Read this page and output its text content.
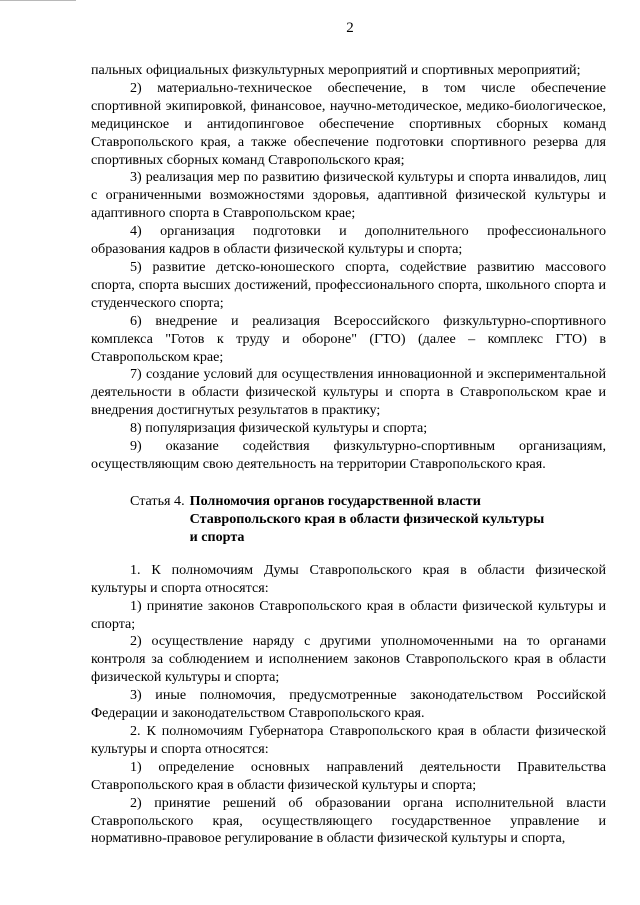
2

пальных официальных физкультурных мероприятий и спортивных мероприятий;

2) материально-техническое обеспечение, в том числе обеспечение спортивной экипировкой, финансовое, научно-методическое, медико-биологическое, медицинское и антидопинговое обеспечение спортивных сборных команд Ставропольского края, а также обеспечение подготовки спортивного резерва для спортивных сборных команд Ставропольского края;

3) реализация мер по развитию физической культуры и спорта инвалидов, лиц с ограниченными возможностями здоровья, адаптивной физической культуры и адаптивного спорта в Ставропольском крае;

4) организация подготовки и дополнительного профессионального образования кадров в области физической культуры и спорта;

5) развитие детско-юношеского спорта, содействие развитию массового спорта, спорта высших достижений, профессионального спорта, школьного спорта и студенческого спорта;

6) внедрение и реализация Всероссийского физкультурно-спортивного комплекса "Готов к труду и обороне" (ГТО) (далее – комплекс ГТО) в Ставропольском крае;

7) создание условий для осуществления инновационной и экспериментальной деятельности в области физической культуры и спорта в Ставропольском крае и внедрения достигнутых результатов в практику;

8) популяризация физической культуры и спорта;

9) оказание содействия физкультурно-спортивным организациям, осуществляющим свою деятельность на территории Ставропольского края.

Статья 4. Полномочия органов государственной власти Ставропольского края в области физической культуры и спорта

1. К полномочиям Думы Ставропольского края в области физической культуры и спорта относятся:

1) принятие законов Ставропольского края в области физической культуры и спорта;

2) осуществление наряду с другими уполномоченными на то органами контроля за соблюдением и исполнением законов Ставропольского края в области физической культуры и спорта;

3) иные полномочия, предусмотренные законодательством Российской Федерации и законодательством Ставропольского края.

2. К полномочиям Губернатора Ставропольского края в области физической культуры и спорта относятся:

1) определение основных направлений деятельности Правительства Ставропольского края в области физической культуры и спорта;

2) принятие решений об образовании органа исполнительной власти Ставропольского края, осуществляющего государственное управление и нормативно-правовое регулирование в области физической культуры и спорта,
